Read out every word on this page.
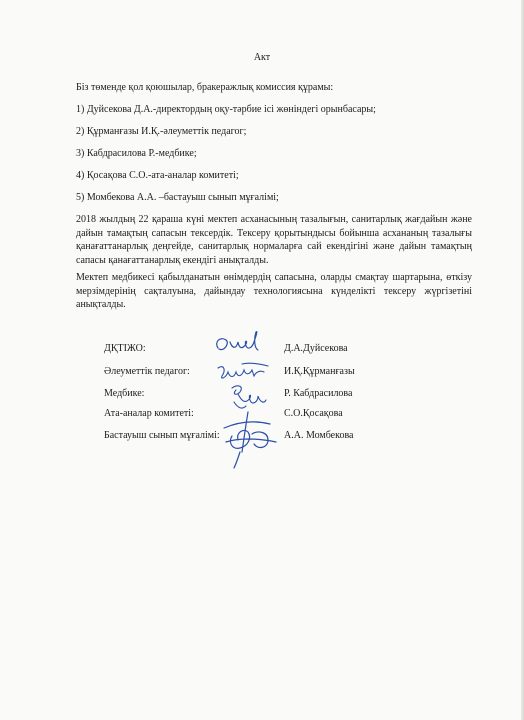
Акт
Біз төменде қол қоюшылар, бракеражлық комиссия құрамы:
1) Дуйсекова Д.А.-директордың оқу-тәрбие ісі жөніндегі орынбасары;
2) Құрманғазы И.Қ.-әлеуметтік педагог;
3) Кабдрасилова Р.-медбике;
4) Қосақова С.О.-ата-аналар комитеті;
5) Момбекова А.А. –бастауыш сынып мұғалімі;
2018 жылдың 22 қараша күні мектеп асханасының тазалығын, санитарлық жағдайын және дайын тамақтың сапасын тексердік. Тексеру қорытындысы бойынша асхананың тазалығы қанағаттанарлық деңгейде, санитарлық нормаларға сай екендігіні және дайын тамақтың сапасы қанағаттанарлық екендігі анықталды.
Мектеп медбикесі қабылданатын өнімдердің сапасына, оларды смақтау шартарына, өткізу мерзімдерінің сақталуына, дайындау технологиясына күнделікті тексеру жүргізетіні анықталды.
ДҚТІЖО:	Д.А.Дуйсекова
Әлеуметтік педагог:	И.Қ.Құрманғазы
Медбике:	Р. Кабдрасилова
Ата-аналар комитеті:	С.О.Қосақова
Бастауыш сынып мұғалімі:	А.А. Момбекова
